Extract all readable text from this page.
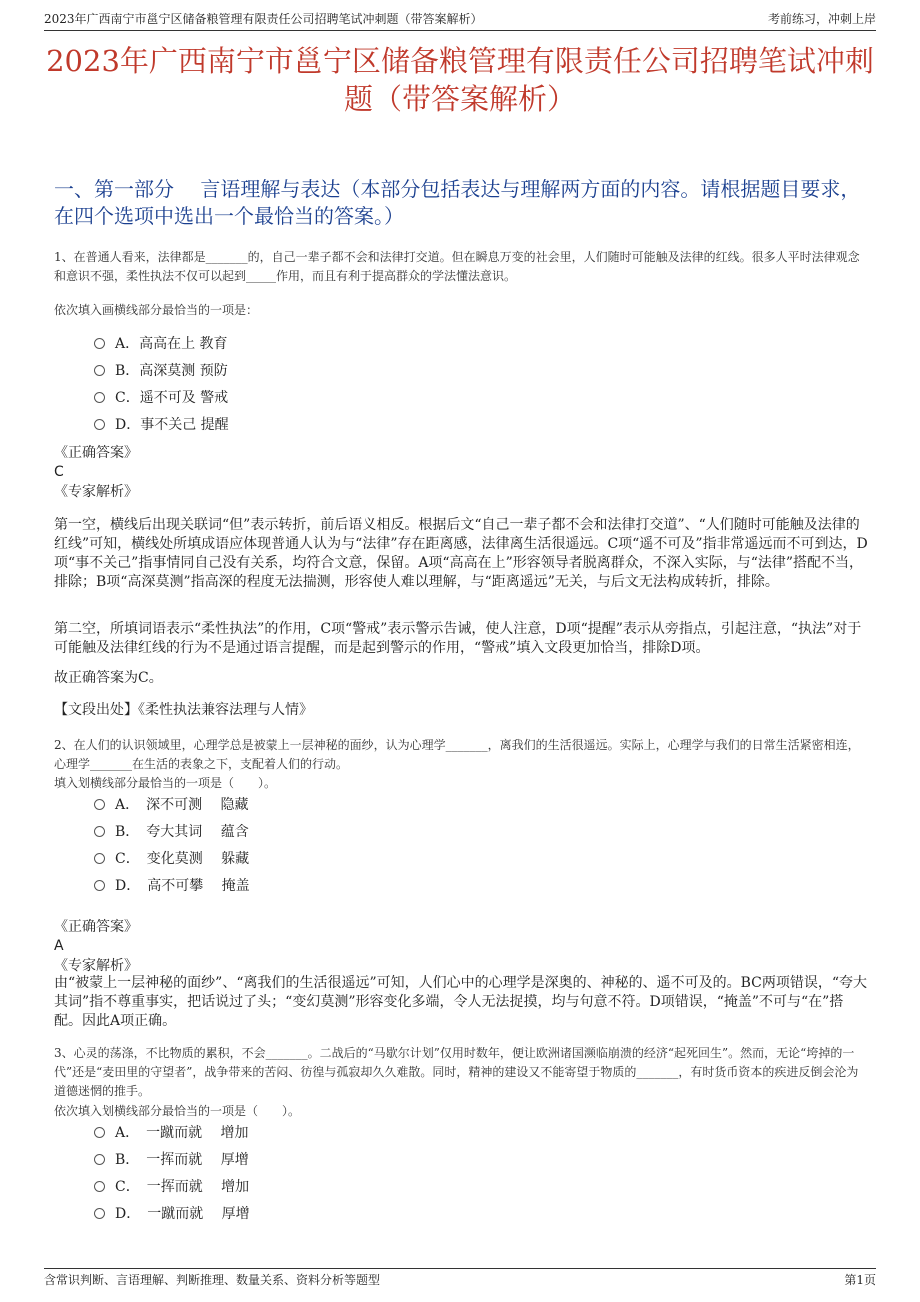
2023年广西南宁市邕宁区储备粮管理有限责任公司招聘笔试冲刺题（带答案解析）	考前练习，冲刺上岸
2023年广西南宁市邕宁区储备粮管理有限责任公司招聘笔试冲刺题（带答案解析）
一、第一部分　 言语理解与表达（本部分包括表达与理解两方面的内容。请根据题目要求，在四个选项中选出一个最恰当的答案。）
1、在普通人看来，法律都是_______的，自己一辈子都不会和法律打交道。但在瞬息万变的社会里，人们随时可能触及法律的红线。很多人平时法律观念和意识不强，柔性执法不仅可以起到_____作用，而且有利于提高群众的学法懂法意识。
依次填入画横线部分最恰当的一项是：
A．高高在上 教育
B．高深莫测 预防
C．遥不可及 警戒
D．事不关己 提醒
《正确答案》
C
《专家解析》
第一空，横线后出现关联词“但”表示转折，前后语义相反。根据后文“自己一辈子都不会和法律打交道”、“人们随时可能触及法律的红线”可知，横线处所填成语应体现普通人认为与“法律”存在距离感，法律离生活很遥远。C项“遥不可及”指非常遥远而不可到达，D项“事不关己”指事情同自己没有关系，均符合文意，保留。A项“高高在上”形容领导者脱离群众，不深入实际，与“法律”搭配不当，排除；B项“高深莫测”指高深的程度无法揣测，形容使人难以理解，与“距离遥远”无关，与后文无法构成转折，排除。
第二空，所填词语表示“柔性执法”的作用，C项“警戒”表示警示告诫，使人注意，D项“提醒”表示从旁指点，引起注意，“执法”对于可能触及法律红线的行为不是通过语言提醒，而是起到警示的作用，“警戒”填入文段更加恰当，排除D项。
故正确答案为C。
【文段出处】《柔性执法兼容法理与人情》
2、在人们的认识领域里，心理学总是被蒙上一层神秘的面纱，认为心理学_______，离我们的生活很遥远。实际上，心理学与我们的日常生活紧密相连，心理学_______在生活的表象之下，支配着人们的行动。
填入划横线部分最恰当的一项是（　　）。
A．　深不可测　 隐藏
B．　夸大其词　 蕴含
C．　变化莫测　 躲藏
D．　高不可攀　 掩盖
《正确答案》
A
《专家解析》
由“被蒙上一层神秘的面纱”、“离我们的生活很遥远”可知，人们心中的心理学是深奥的、神秘的、遥不可及的。BC两项错误，“夸大其词”指不尊重事实，把话说过了头；“变幻莫测”形容变化多端，令人无法捉摸，均与句意不符。D项错误，“掩盖”不可与“在”搭配。因此A项正确。
3、心灵的荡涤，不比物质的累积，不会_______。二战后的“马歇尔计划”仅用时数年，便让欧洲诸国濒临崩溃的经济“起死回生”。然而，无论“垮掉的一代”还是“麦田里的守望者”，战争带来的苦闷、彷徨与孤寂却久久难散。同时，精神的建设又不能寄望于物质的_______，有时货币资本的疾进反倒会沦为道德迷惘的推手。
依次填入划横线部分最恰当的一项是（　　）。
A．　一蹴而就　 增加
B．　一挥而就　 厚增
C．　一挥而就　 增加
D．　一蹴而就　 厚增
含常识判断、言语理解、判断推理、数量关系、资料分析等题型	第1页
